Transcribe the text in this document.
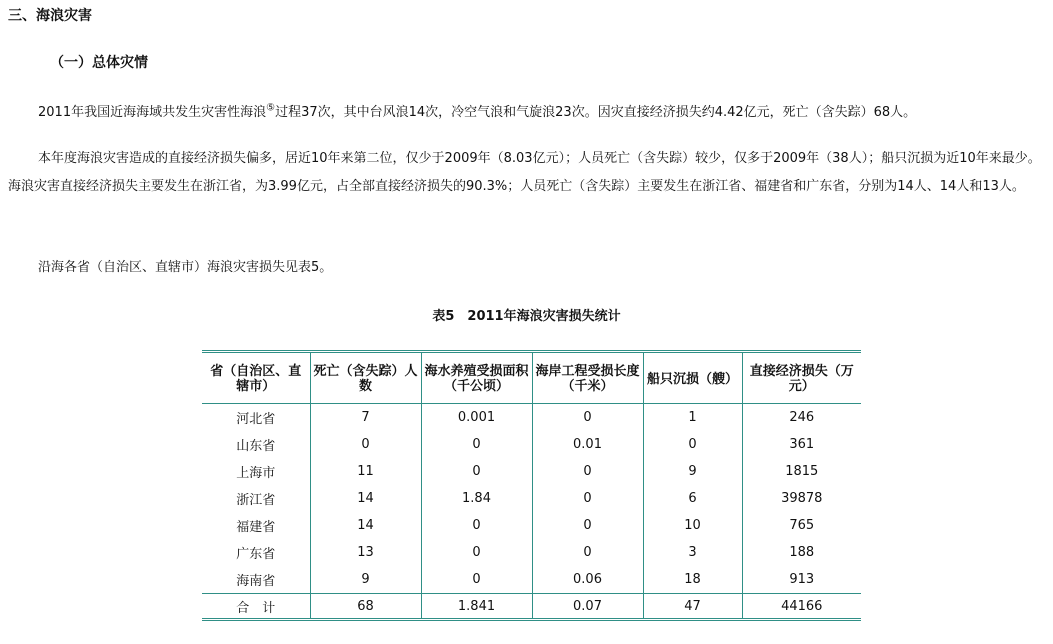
三、海浪灾害
（一）总体灾情
2011年我国近海海域共发生灾害性海浪⑤过程37次，其中台风浪14次，冷空气浪和气旋浪23次。因灾直接经济损失约4.42亿元，死亡（含失踪）68人。
本年度海浪灾害造成的直接经济损失偏多，居近10年来第二位，仅少于2009年（8.03亿元）；人员死亡（含失踪）较少，仅多于2009年（38人）；船只沉损为近10年来最少。海浪灾害直接经济损失主要发生在浙江省，为3.99亿元，占全部直接经济损失的90.3%；人员死亡（含失踪）主要发生在浙江省、福建省和广东省，分别为14人、14人和13人。
沿海各省（自治区、直辖市）海浪灾害损失见表5。
表5　2011年海浪灾害损失统计
省（自治区、直辖市）	死亡（含失踪）人数	海水养殖受损面积（千公顷）	海岸工程受损长度（千米）	船只沉损（艘）	直接经济损失（万元）
河北省	7	0.001	0	1	246
山东省	0	0	0.01	0	361
上海市	11	0	0	9	1815
浙江省	14	1.84	0	6	39878
福建省	14	0	0	10	765
广东省	13	0	0	3	188
海南省	9	0	0.06	18	913
合　计	68	1.841	0.07	47	44166
